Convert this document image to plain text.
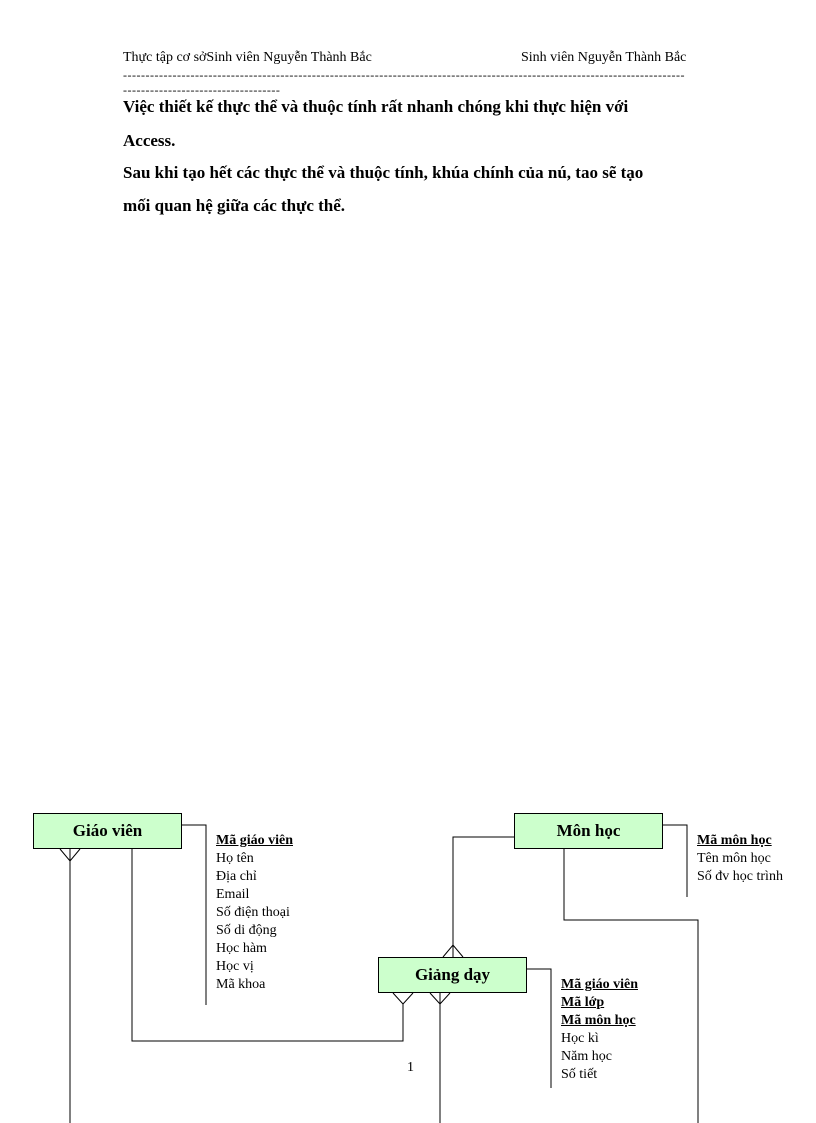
Thực tập cơ sởSinh viên Nguyễn Thành Bắc	Sinh viên Nguyễn Thành Bắc
----------------------------------------------------------------------------------------------------------------------------------------------------------------
Việc thiết kế thực thể và thuộc tính rất nhanh chóng khi thực hiện với
Access.
Sau khi tạo hết các thực thể và thuộc tính, khúa chính của nú, tao sẽ tạo
mối quan hệ giữa các thực thể.
Giáo viên	Môn học
Giảng dạy
Mã giáo viên
Họ tên
Địa chỉ
Email
Số điện thoại
Số di động
Học hàm
Học vị
Mã khoa
Mã môn học
Tên môn học
Số đv học trình
Mã giáo viên
Mã lớp
Mã môn học
Học kì
Năm học
Số tiết
1
